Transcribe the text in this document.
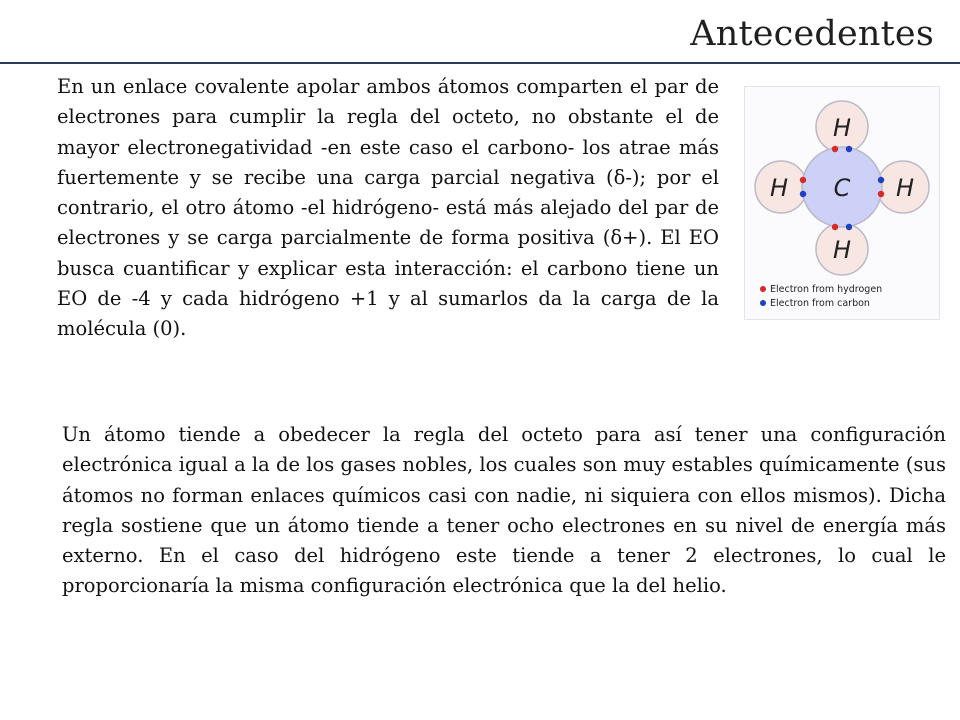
Antecedentes

En un enlace covalente apolar ambos átomos comparten el par de electrones para cumplir la regla del octeto, no obstante el de mayor electronegatividad -en este caso el carbono- los atrae más fuertemente y se recibe una carga parcial negativa (δ-); por el contrario, el otro átomo -el hidrógeno- está más alejado del par de electrones y se carga parcialmente de forma positiva (δ+). El EO busca cuantificar y explicar esta interacción: el carbono tiene un EO de -4 y cada hidrógeno +1 y al sumarlos da la carga de la molécula (0).

H
H C H
H
Electron from hydrogen
Electron from carbon

Un átomo tiende a obedecer la regla del octeto para así tener una configuración electrónica igual a la de los gases nobles, los cuales son muy estables químicamente (sus átomos no forman enlaces químicos casi con nadie, ni siquiera con ellos mismos). Dicha regla sostiene que un átomo tiende a tener ocho electrones en su nivel de energía más externo. En el caso del hidrógeno este tiende a tener 2 electrones, lo cual le proporcionaría la misma configuración electrónica que la del helio.
